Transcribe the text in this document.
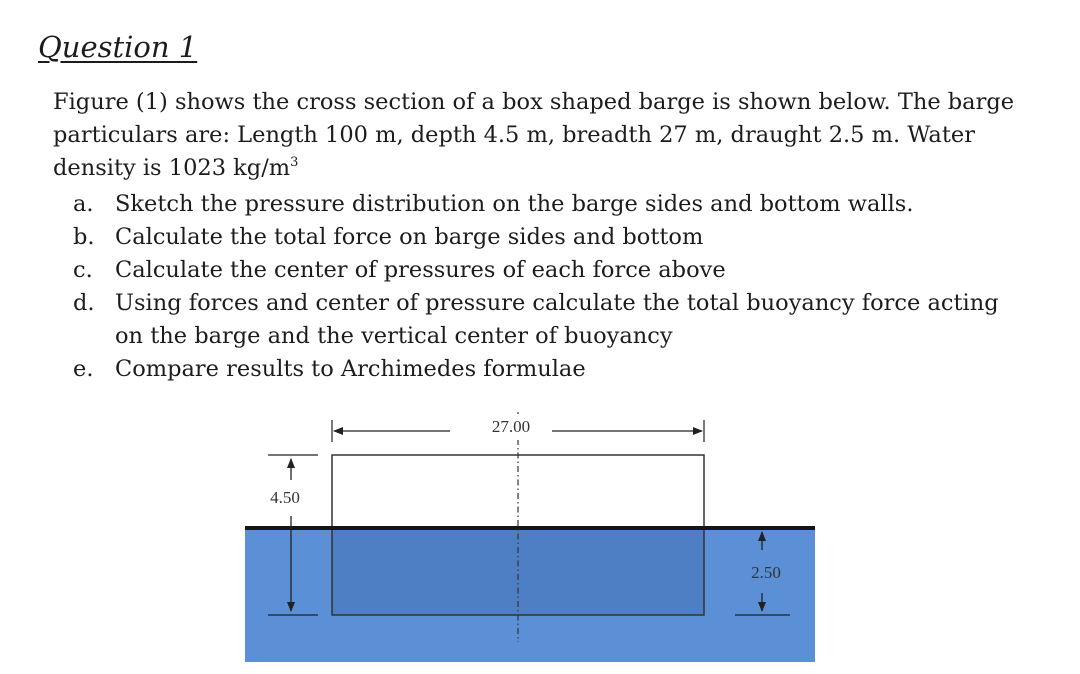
Question 1
Figure (1) shows the cross section of a box shaped barge is shown below. The barge
particulars are: Length 100 m, depth 4.5 m, breadth 27 m, draught 2.5 m. Water
density is 1023 $kg/m^3$
a. Sketch the pressure distribution on the barge sides and bottom walls.
b. Calculate the total force on barge sides and bottom
c. Calculate the center of pressures of each force above
d. Using forces and center of pressure calculate the total buoyancy force acting on the barge and the vertical center of buoyancy
e. Compare results to Archimedes formulae
27.00
4.50
2.50
